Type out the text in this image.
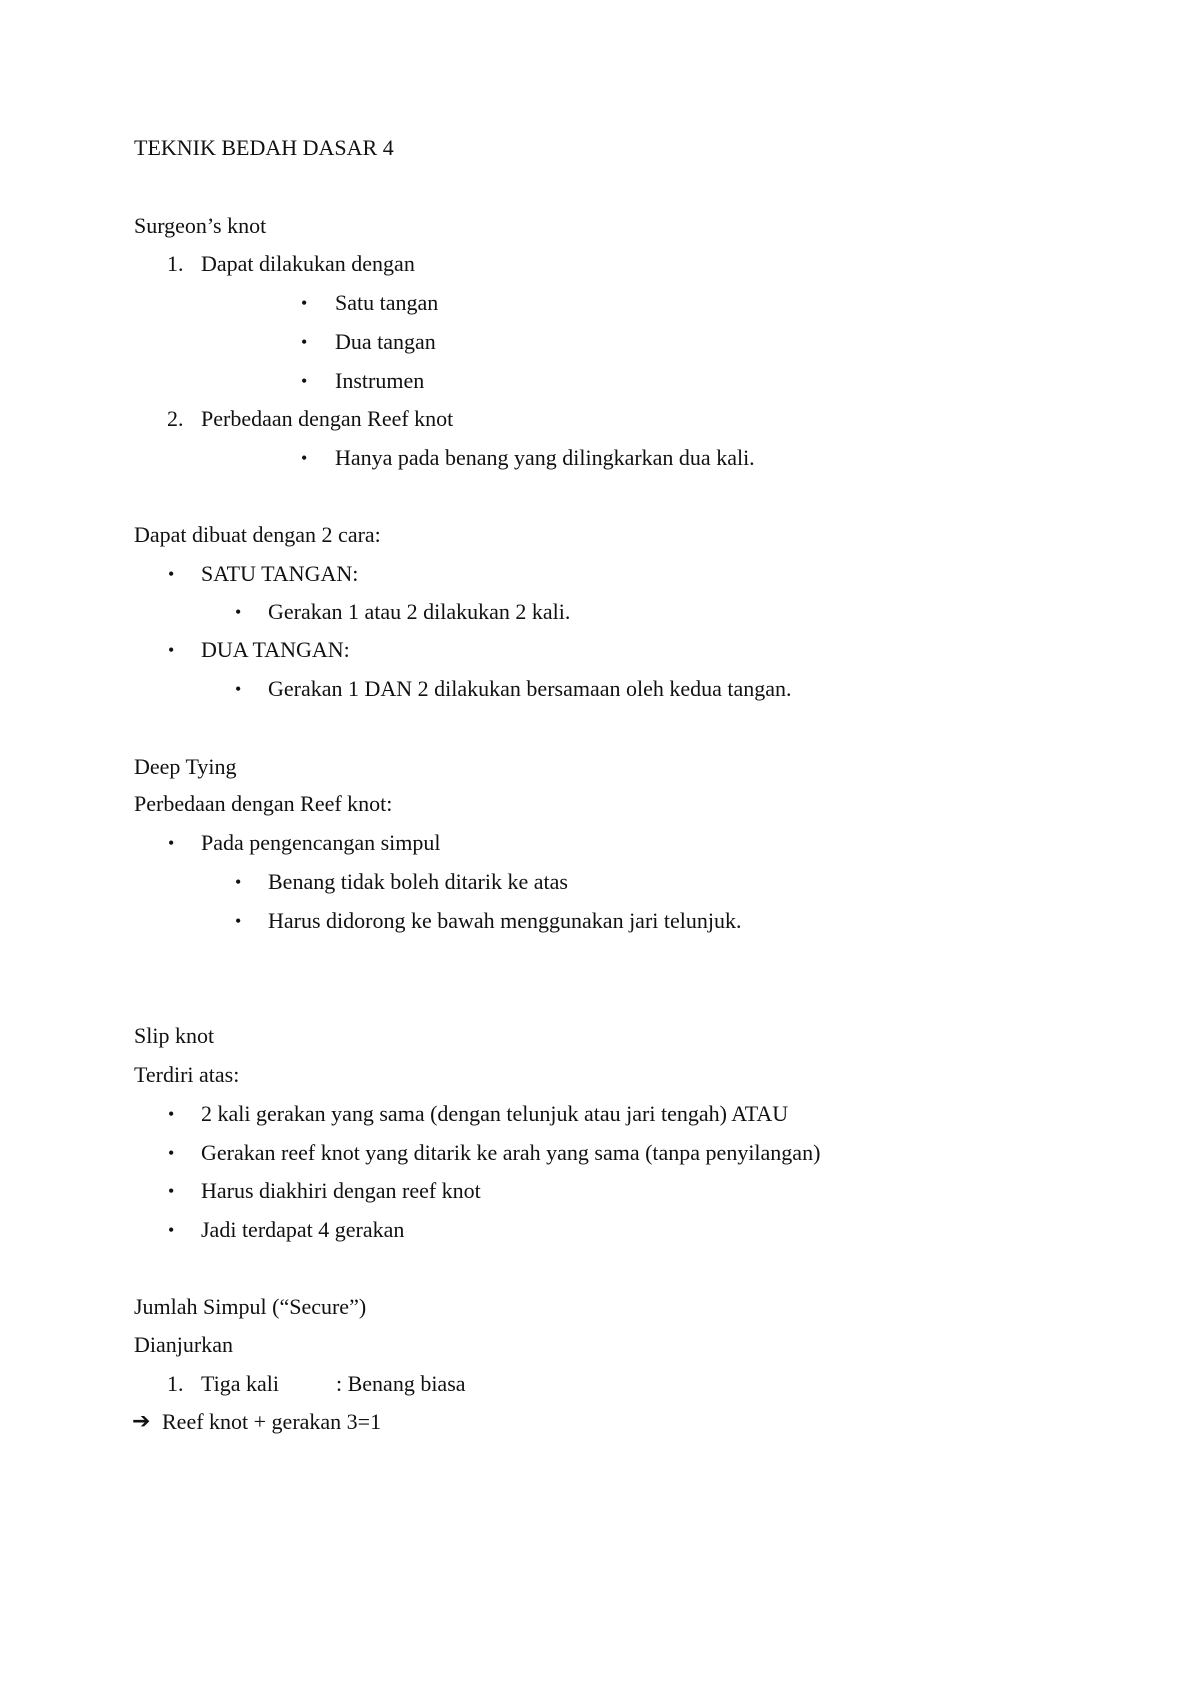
TEKNIK BEDAH DASAR 4
Surgeon’s knot
1. Dapat dilakukan dengan
• Satu tangan
• Dua tangan
• Instrumen
2. Perbedaan dengan Reef knot
• Hanya pada benang yang dilingkarkan dua kali.
Dapat dibuat dengan 2 cara:
• SATU TANGAN:
• Gerakan 1 atau 2 dilakukan 2 kali.
• DUA TANGAN:
• Gerakan 1 DAN 2 dilakukan bersamaan oleh kedua tangan.
Deep Tying
Perbedaan dengan Reef knot:
• Pada pengencangan simpul
• Benang tidak boleh ditarik ke atas
• Harus didorong ke bawah menggunakan jari telunjuk.
Slip knot
Terdiri atas:
• 2 kali gerakan yang sama (dengan telunjuk atau jari tengah) ATAU
• Gerakan reef knot yang ditarik ke arah yang sama (tanpa penyilangan)
• Harus diakhiri dengan reef knot
• Jadi terdapat 4 gerakan
Jumlah Simpul (“Secure”)
Dianjurkan
1. Tiga kali	: Benang biasa
➔ Reef knot + gerakan 3=1
